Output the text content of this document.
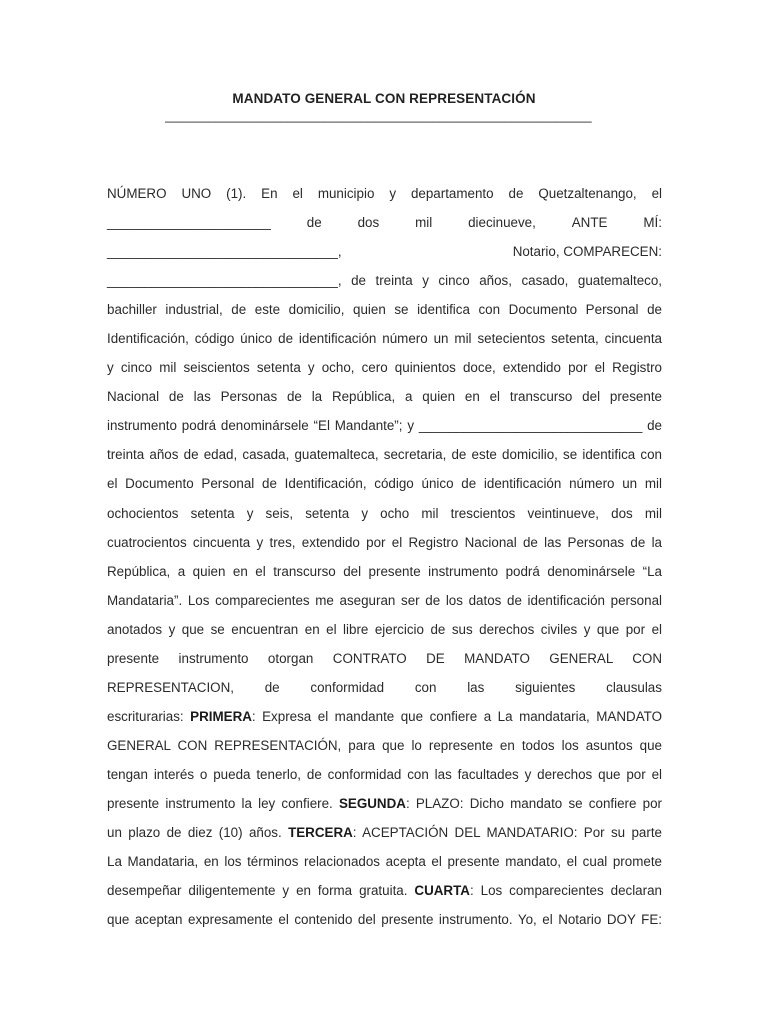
MANDATO GENERAL CON REPRESENTACIÓN
___________________________________________________________
NÚMERO UNO (1). En el municipio y departamento de Quetzaltenango, el
______________________	de	dos	mil	diecinueve,	ANTE	MÍ:
_______________________________,	Notario, COMPARECEN:
_______________________________, de treinta y cinco años, casado, guatemalteco,
bachiller industrial, de este domicilio, quien se identifica con Documento Personal de
Identificación, código único de identificación número un mil setecientos setenta, cincuenta
y cinco mil seiscientos setenta y ocho, cero quinientos doce, extendido por el Registro
Nacional de las Personas de la República, a quien en el transcurso del presente
instrumento podrá denominársele “El Mandante”; y ______________________________ de
treinta años de edad, casada, guatemalteca, secretaria, de este domicilio, se identifica con
el Documento Personal de Identificación, código único de identificación número un mil
ochocientos setenta y seis, setenta y ocho mil trescientos veintinueve, dos mil
cuatrocientos cincuenta y tres, extendido por el Registro Nacional de las Personas de la
República, a quien en el transcurso del presente instrumento podrá denominársele “La
Mandataria”. Los comparecientes me aseguran ser de los datos de identificación personal
anotados y que se encuentran en el libre ejercicio de sus derechos civiles y que por el
presente instrumento otorgan CONTRATO DE MANDATO GENERAL CON
REPRESENTACION, de conformidad con las siguientes clausulas
escriturarias: PRIMERA: Expresa el mandante que confiere a La mandataria, MANDATO
GENERAL CON REPRESENTACIÓN, para que lo represente en todos los asuntos que
tengan interés o pueda tenerlo, de conformidad con las facultades y derechos que por el
presente instrumento la ley confiere. SEGUNDA: PLAZO: Dicho mandato se confiere por
un plazo de diez (10) años. TERCERA: ACEPTACIÓN DEL MANDATARIO: Por su parte
La Mandataria, en los términos relacionados acepta el presente mandato, el cual promete
desempeñar diligentemente y en forma gratuita. CUARTA: Los comparecientes declaran
que aceptan expresamente el contenido del presente instrumento. Yo, el Notario DOY FE:
